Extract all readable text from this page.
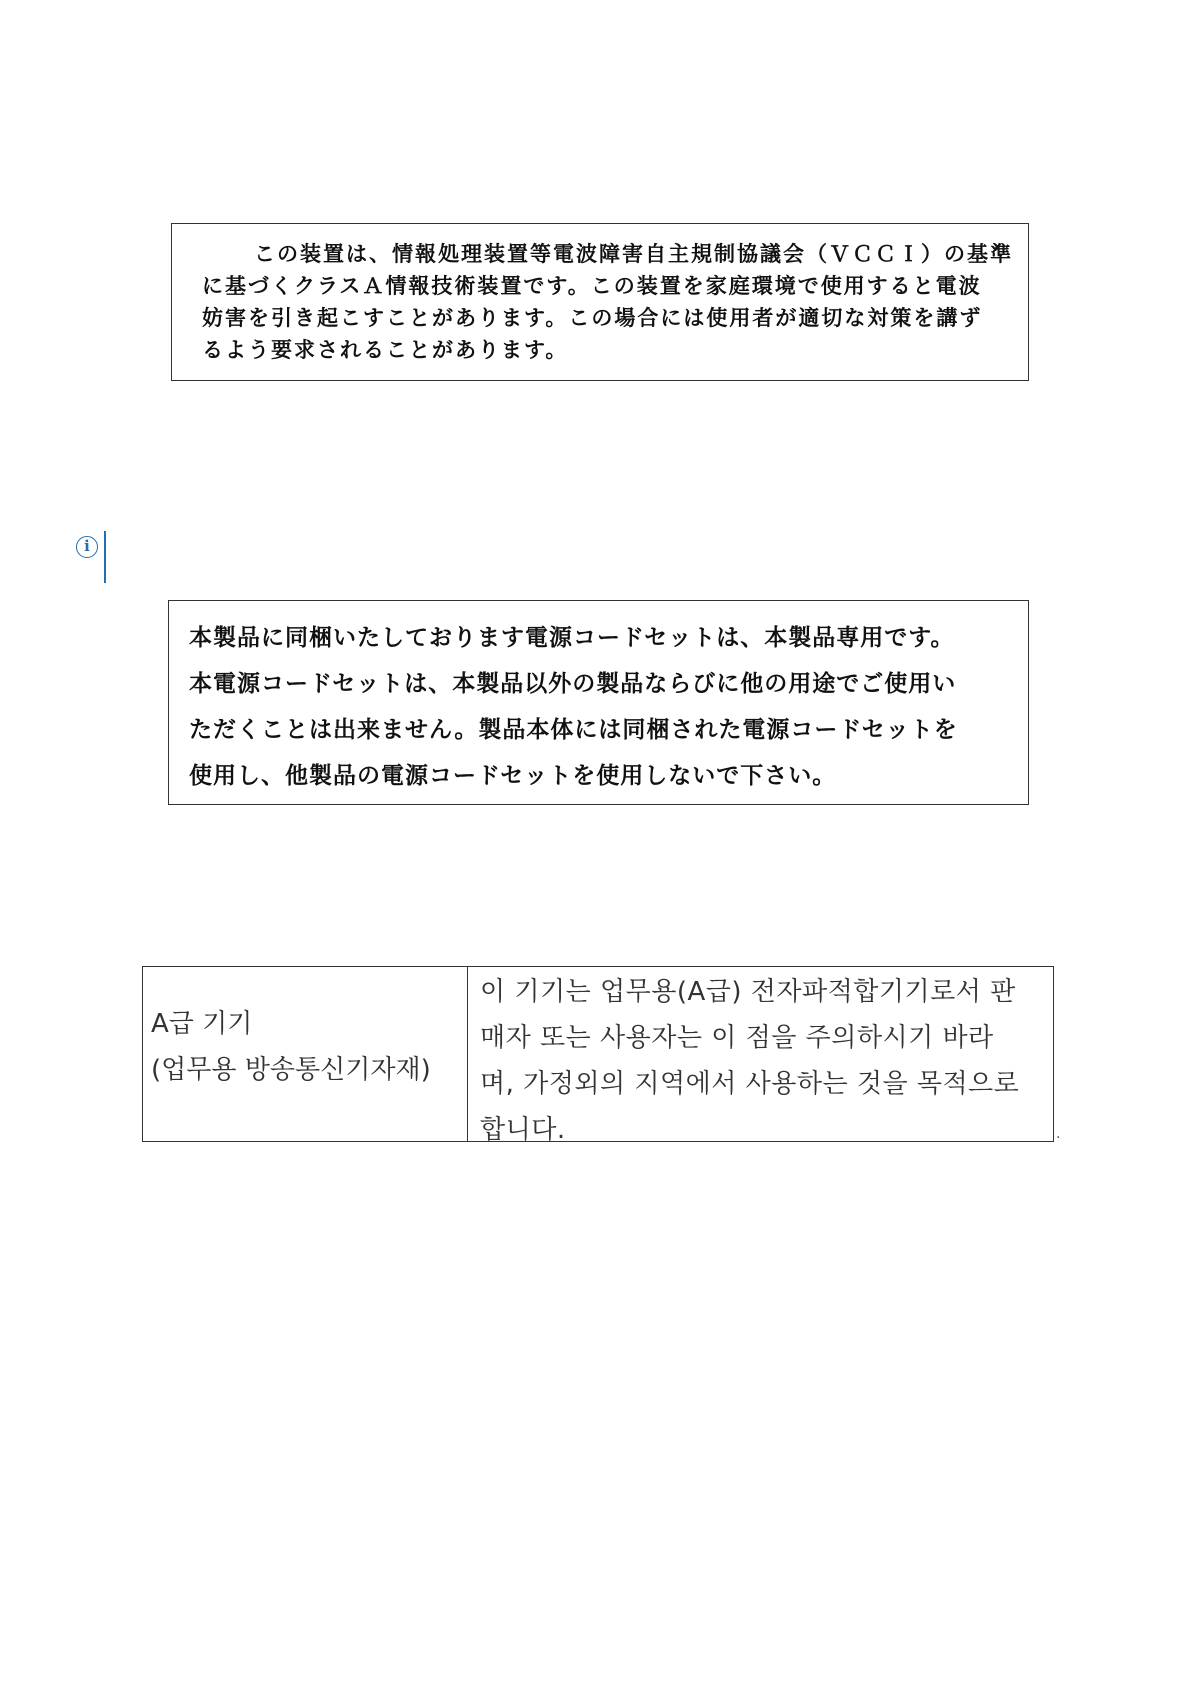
この装置は、情報処理装置等電波障害自主規制協議会（ＶＣＣＩ）の基準
に基づくクラスＡ情報技術装置です。この装置を家庭環境で使用すると電波
妨害を引き起こすことがあります。この場合には使用者が適切な対策を講ず
るよう要求されることがあります。
i
本製品に同梱いたしております電源コードセットは、本製品専用です。
本電源コードセットは、本製品以外の製品ならびに他の用途でご使用い
ただくことは出来ません。製品本体には同梱された電源コードセットを
使用し、他製品の電源コードセットを使用しないで下さい。
A급 기기
(업무용 방송통신기자재)
이 기기는 업무용(A급) 전자파적합기기로서 판
매자 또는 사용자는 이 점을 주의하시기 바라
며, 가정외의 지역에서 사용하는 것을 목적으로
합니다.	.
